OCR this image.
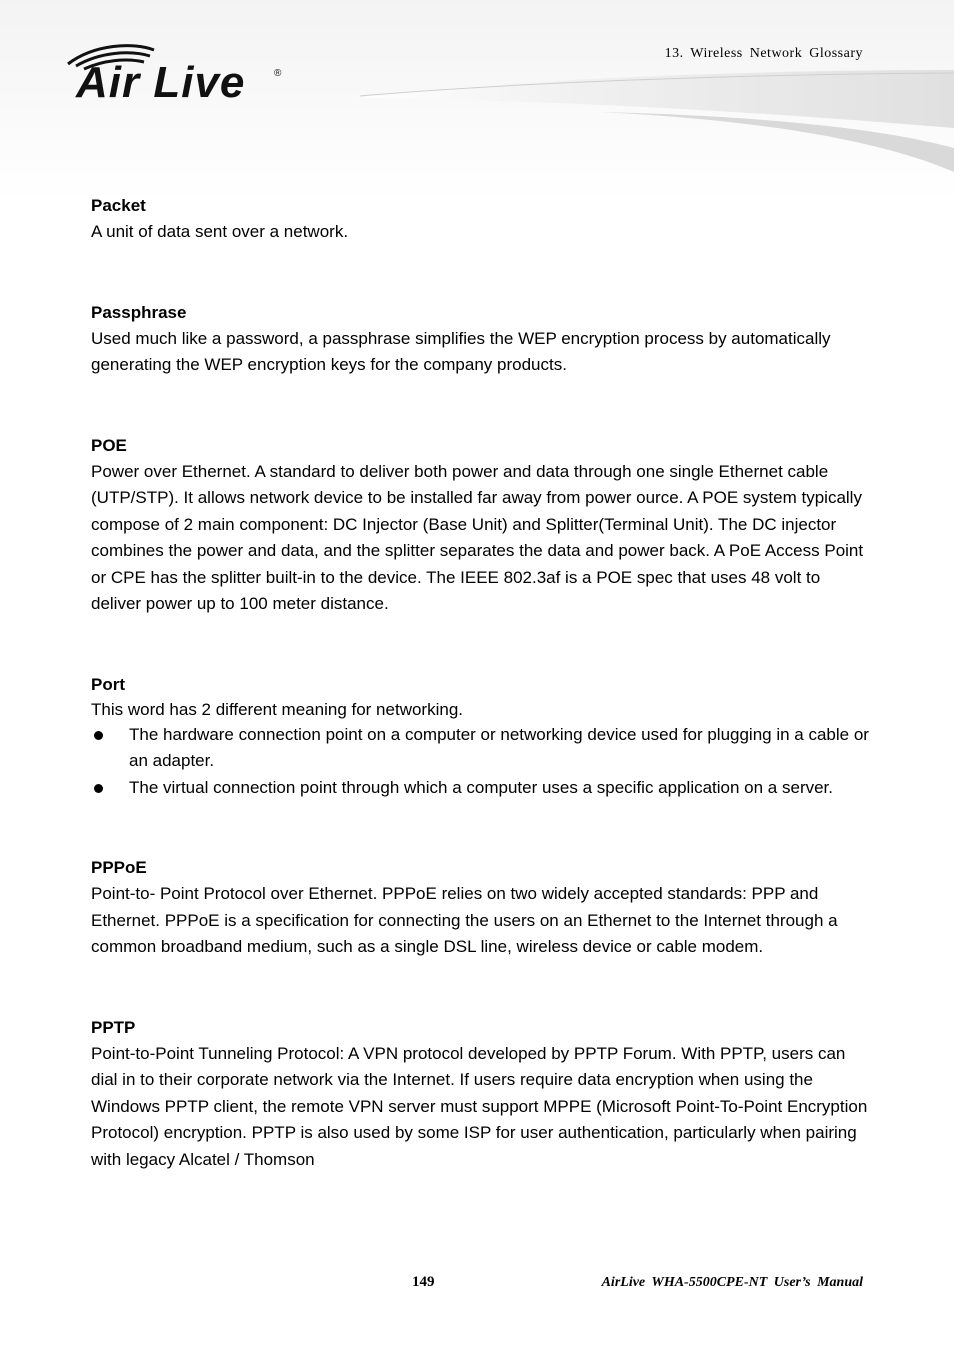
Air Live	®
13. Wireless Network Glossary

Packet

A unit of data sent over a network.

Passphrase

Used much like a password, a passphrase simplifies the WEP encryption process by automatically generating the WEP encryption keys for the company products.

POE

Power over Ethernet. A standard to deliver both power and data through one single Ethernet cable (UTP/STP). It allows network device to be installed far away from power ource. A POE system typically compose of 2 main component: DC Injector (Base Unit) and Splitter(Terminal Unit). The DC injector combines the power and data, and the splitter separates the data and power back. A PoE Access Point or CPE has the splitter built-in to the device. The IEEE 802.3af is a POE spec that uses 48 volt to deliver power up to 100 meter distance.

Port

This word has 2 different meaning for networking.

The hardware connection point on a computer or networking device used for plugging in a cable or an adapter.
The virtual connection point through which a computer uses a specific application on a server.

PPPoE

Point-to- Point Protocol over Ethernet. PPPoE relies on two widely accepted standards: PPP and Ethernet. PPPoE is a specification for connecting the users on an Ethernet to the Internet through a common broadband medium, such as a single DSL line, wireless device or cable modem.

PPTP

Point-to-Point Tunneling Protocol: A VPN protocol developed by PPTP Forum. With PPTP, users can dial in to their corporate network via the Internet. If users require data encryption when using the Windows PPTP client, the remote VPN server must support MPPE (Microsoft Point-To-Point Encryption Protocol) encryption. PPTP is also used by some ISP for user authentication, particularly when pairing with legacy Alcatel / Thomson

149	AirLive WHA-5500CPE-NT User’s Manual
